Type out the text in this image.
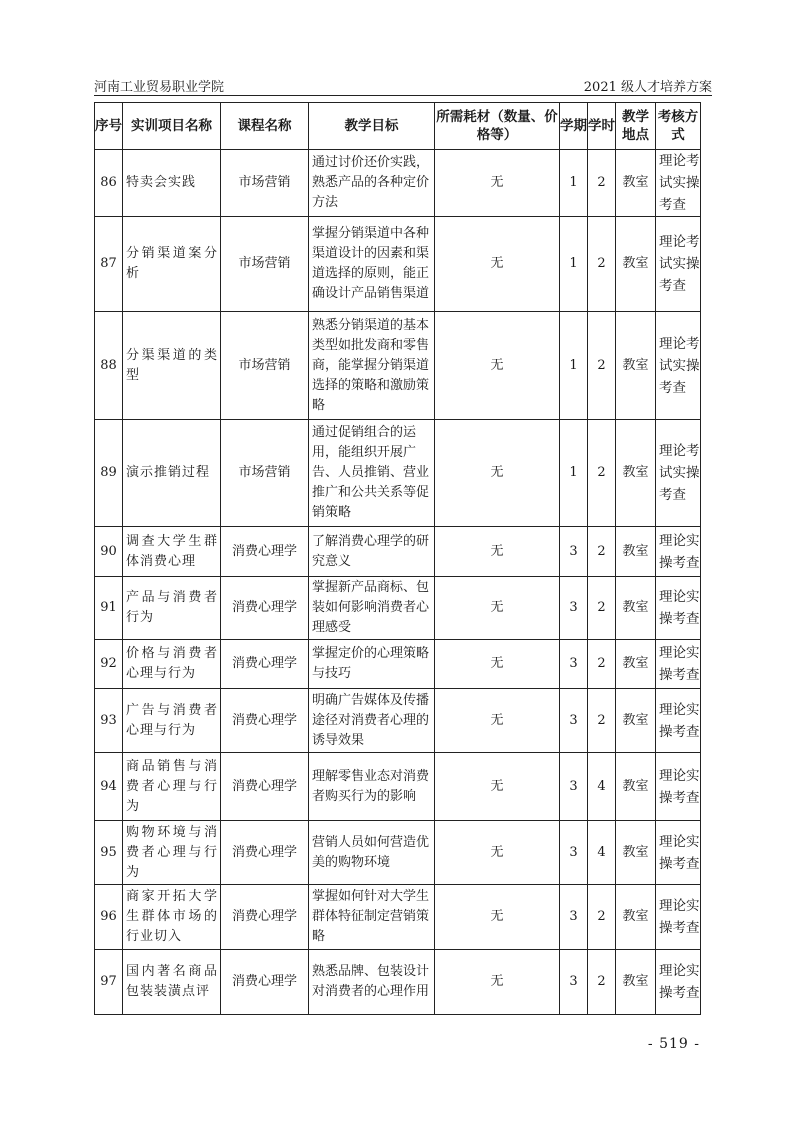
河南工业贸易职业学院	2021 级人才培养方案
序号	实训项目名称	课程名称	教学目标	所需耗材（数量、价格等）	学期	学时	教学地点	考核方式
86	特卖会实践	市场营销	通过讨价还价实践，熟悉产品的各种定价方法	无	1	2	教室	理论考试实操考查
87	分销渠道案分析	市场营销	掌握分销渠道中各种渠道设计的因素和渠道选择的原则，能正确设计产品销售渠道	无	1	2	教室	理论考试实操考查
88	分渠渠道的类型	市场营销	熟悉分销渠道的基本类型如批发商和零售商，能掌握分销渠道选择的策略和激励策略	无	1	2	教室	理论考试实操考查
89	演示推销过程	市场营销	通过促销组合的运用，能组织开展广告、人员推销、营业推广和公共关系等促销策略	无	1	2	教室	理论考试实操考查
90	调查大学生群体消费心理	消费心理学	了解消费心理学的研究意义	无	3	2	教室	理论实操考查
91	产品与消费者行为	消费心理学	掌握新产品商标、包装如何影响消费者心理感受	无	3	2	教室	理论实操考查
92	价格与消费者心理与行为	消费心理学	掌握定价的心理策略与技巧	无	3	2	教室	理论实操考查
93	广告与消费者心理与行为	消费心理学	明确广告媒体及传播途径对消费者心理的诱导效果	无	3	2	教室	理论实操考查
94	商品销售与消费者心理与行为	消费心理学	理解零售业态对消费者购买行为的影响	无	3	4	教室	理论实操考查
95	购物环境与消费者心理与行为	消费心理学	营销人员如何营造优美的购物环境	无	3	4	教室	理论实操考查
96	商家开拓大学生群体市场的行业切入	消费心理学	掌握如何针对大学生群体特征制定营销策略	无	3	2	教室	理论实操考查
97	国内著名商品包装装潢点评	消费心理学	熟悉品牌、包装设计对消费者的心理作用	无	3	2	教室	理论实操考查
- 519 -
